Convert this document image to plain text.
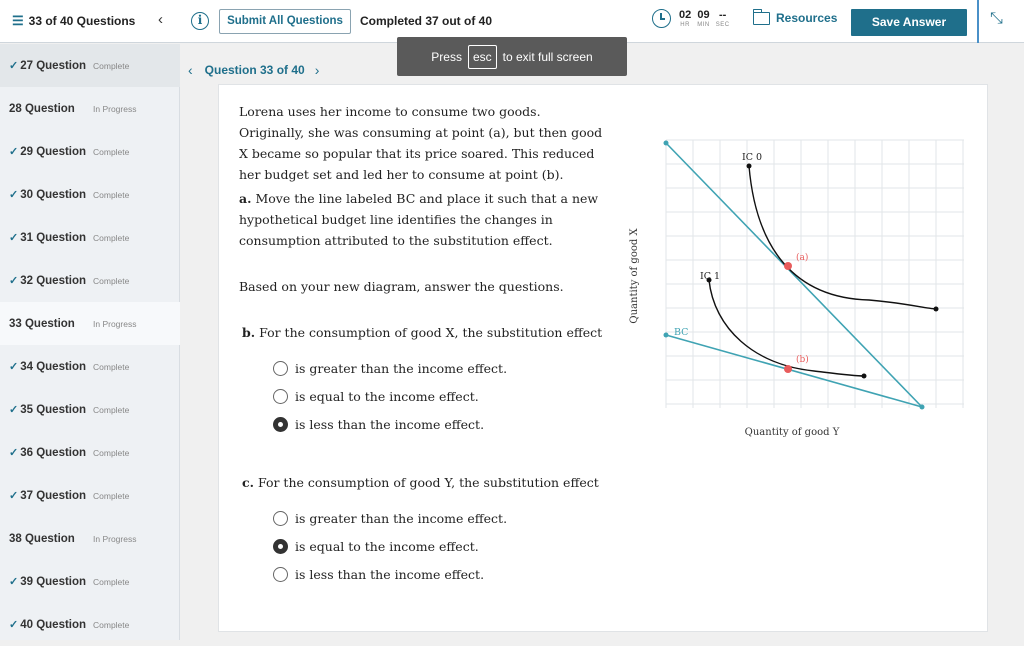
☰ 33 of 40 Questions ‹	i	Submit All Questions	Completed 37 out of 40	02
HR
09
MIN
--
SEC	Resources	Save Answer	⤡
Press esc to exit full screen
✓ 27 Question Complete
28 Question In Progress
✓ 29 Question Complete
✓ 30 Question Complete
✓ 31 Question Complete
✓ 32 Question Complete
33 Question In Progress
✓ 34 Question Complete
✓ 35 Question Complete
✓ 36 Question Complete
✓ 37 Question Complete
38 Question In Progress
✓ 39 Question Complete
✓ 40 Question Complete
‹ Question 33 of 40 ›
Lorena uses her income to consume two goods. Originally, she was consuming at point (a), but then good X became so popular that its price soared. This reduced her budget set and led her to consume at point (b).
a. Move the line labeled BC and place it such that a new hypothetical budget line identifies the changes in consumption attributed to the substitution effect.
Based on your new diagram, answer the questions.
b. For the consumption of good X, the substitution effect
is greater than the income effect.
is equal to the income effect.
is less than the income effect.
c. For the consumption of good Y, the substitution effect
is greater than the income effect.
is equal to the income effect.
is less than the income effect.
IC 0
IC 1
BC
(a)
(b)
Quantity of good Y
Quantity of good X
